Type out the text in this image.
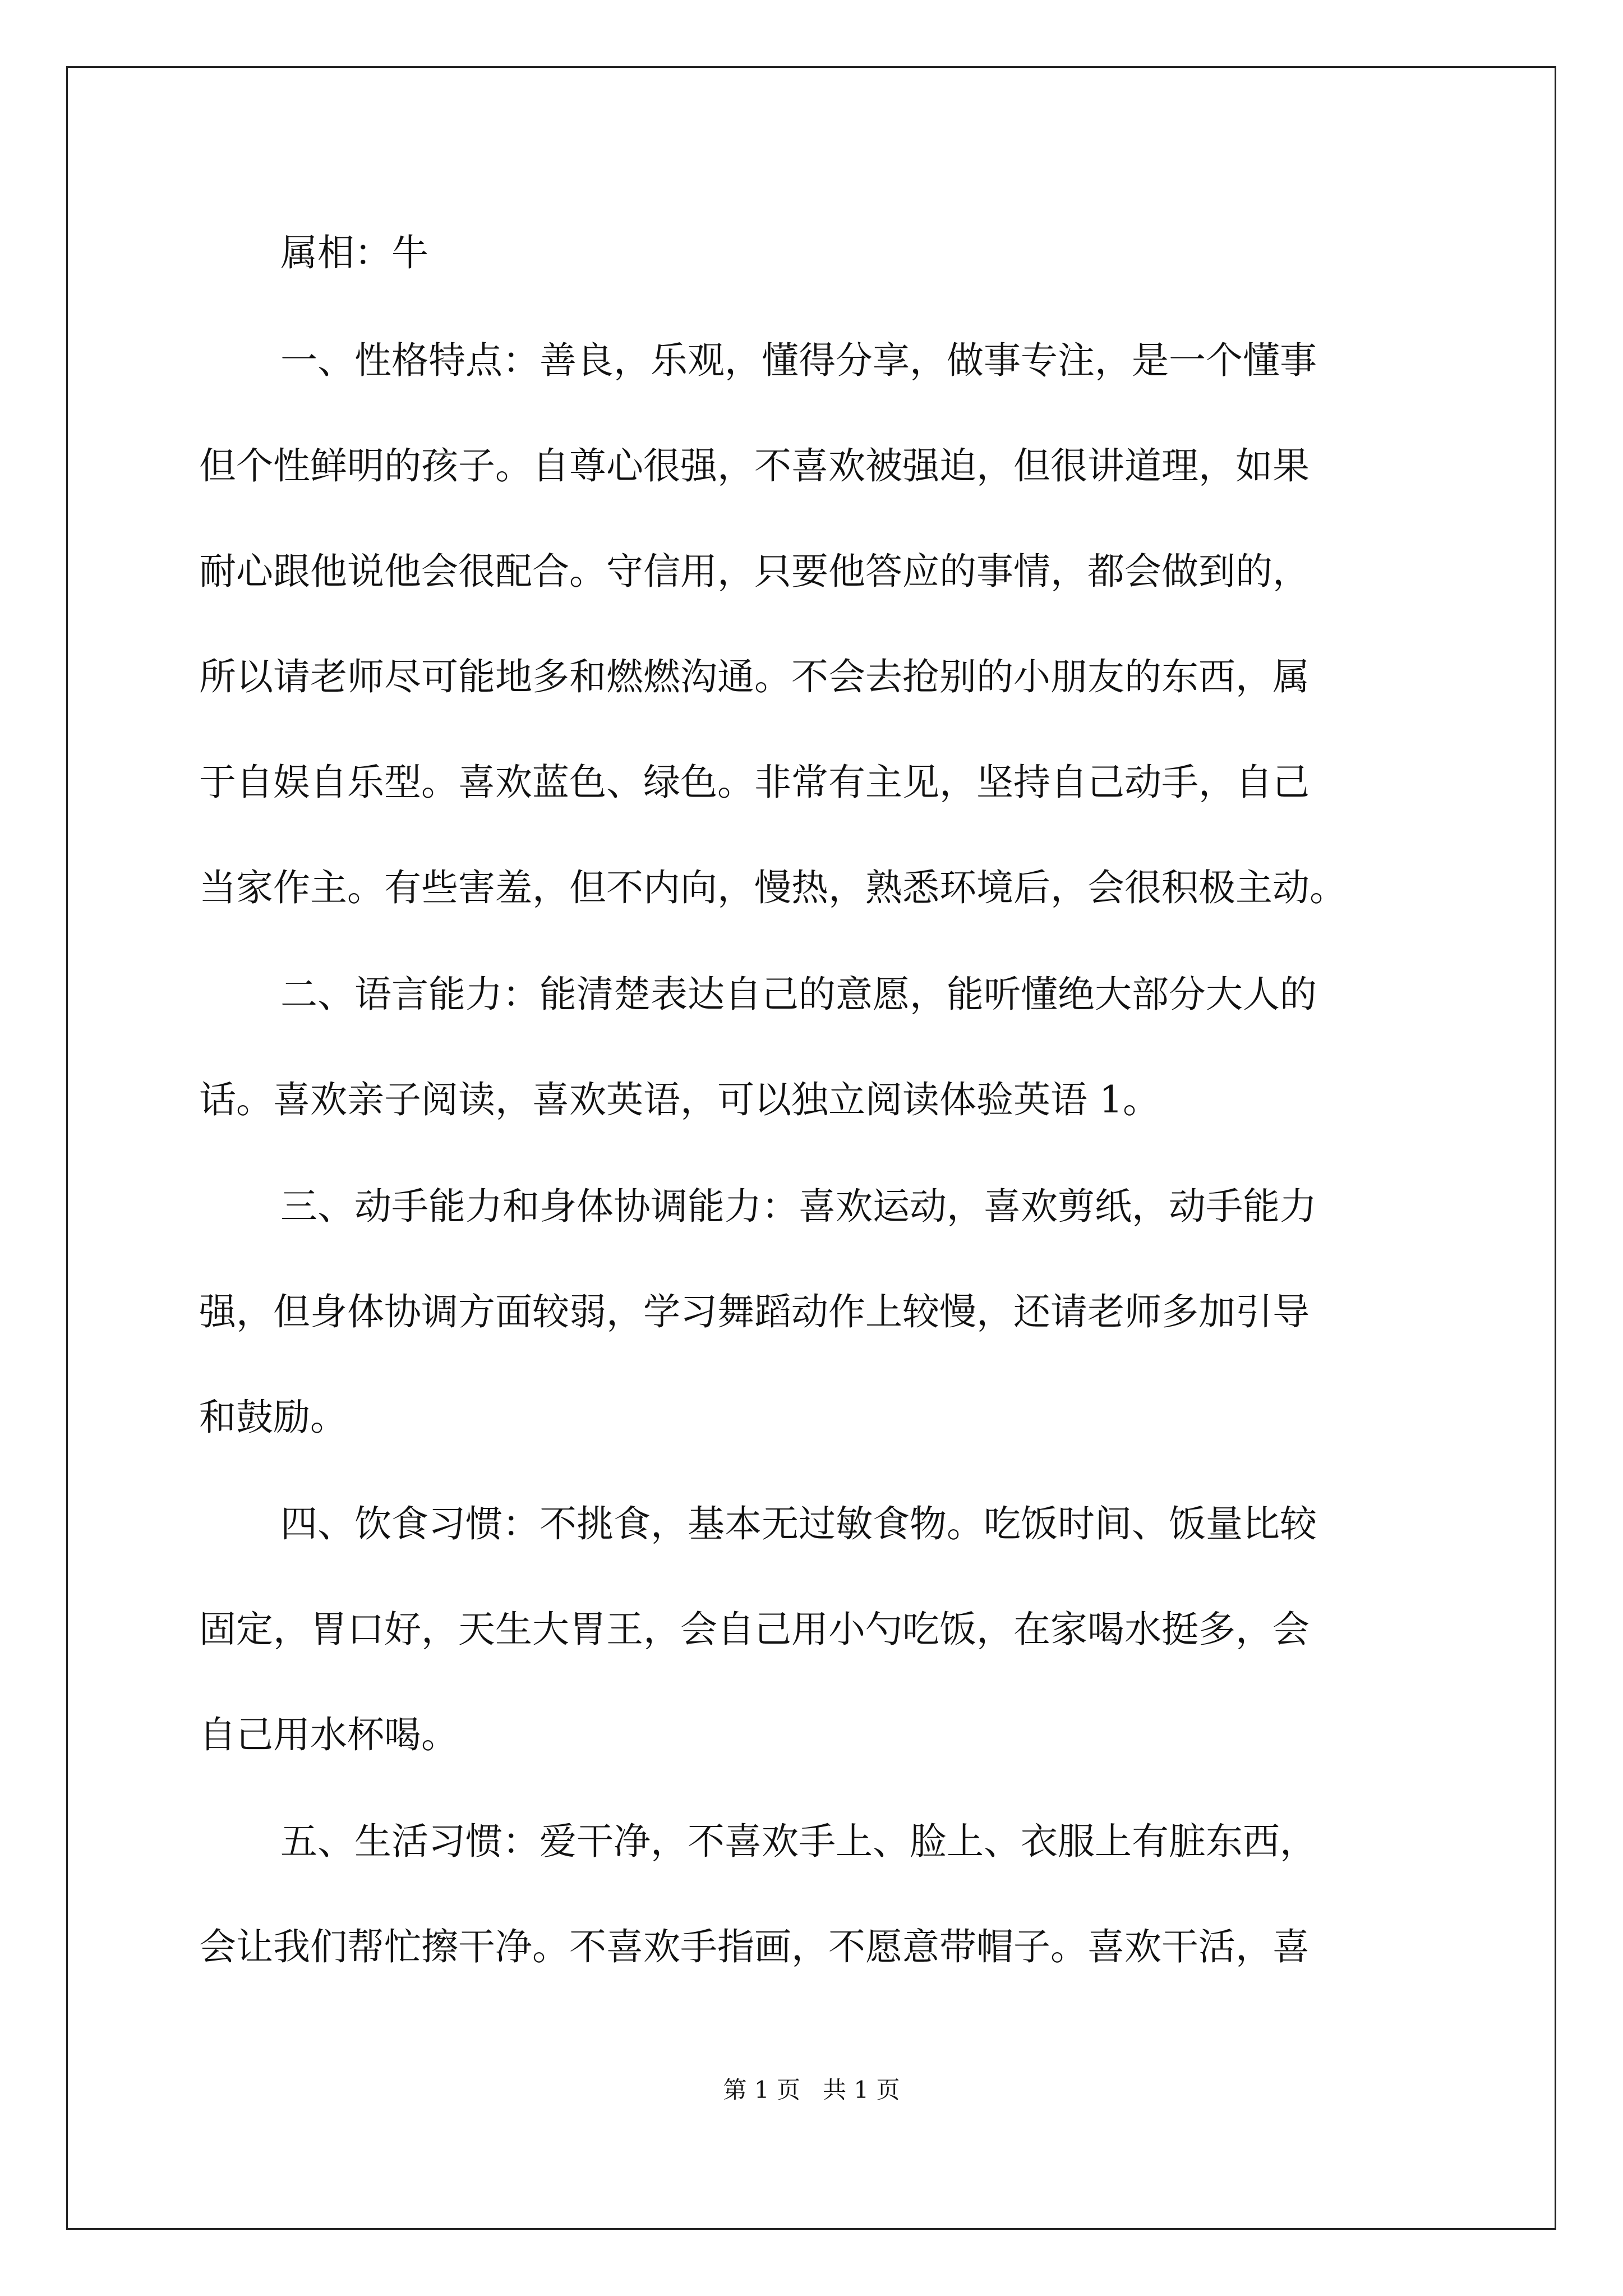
属相：牛
一、性格特点：善良，乐观，懂得分享，做事专注，是一个懂事
但个性鲜明的孩子。自尊心很强，不喜欢被强迫，但很讲道理，如果
耐心跟他说他会很配合。守信用，只要他答应的事情，都会做到的，
所以请老师尽可能地多和燃燃沟通。不会去抢别的小朋友的东西，属
于自娱自乐型。喜欢蓝色、绿色。非常有主见，坚持自己动手，自己
当家作主。有些害羞，但不内向，慢热，熟悉环境后，会很积极主动。
二、语言能力：能清楚表达自己的意愿，能听懂绝大部分大人的
话。喜欢亲子阅读，喜欢英语，可以独立阅读体验英语 1。
三、动手能力和身体协调能力：喜欢运动，喜欢剪纸，动手能力
强，但身体协调方面较弱，学习舞蹈动作上较慢，还请老师多加引导
和鼓励。
四、饮食习惯：不挑食，基本无过敏食物。吃饭时间、饭量比较
固定，胃口好，天生大胃王，会自己用小勺吃饭，在家喝水挺多，会
自己用水杯喝。
五、生活习惯：爱干净，不喜欢手上、脸上、衣服上有脏东西，
会让我们帮忙擦干净。不喜欢手指画，不愿意带帽子。喜欢干活，喜
第 1 页   共 1 页
